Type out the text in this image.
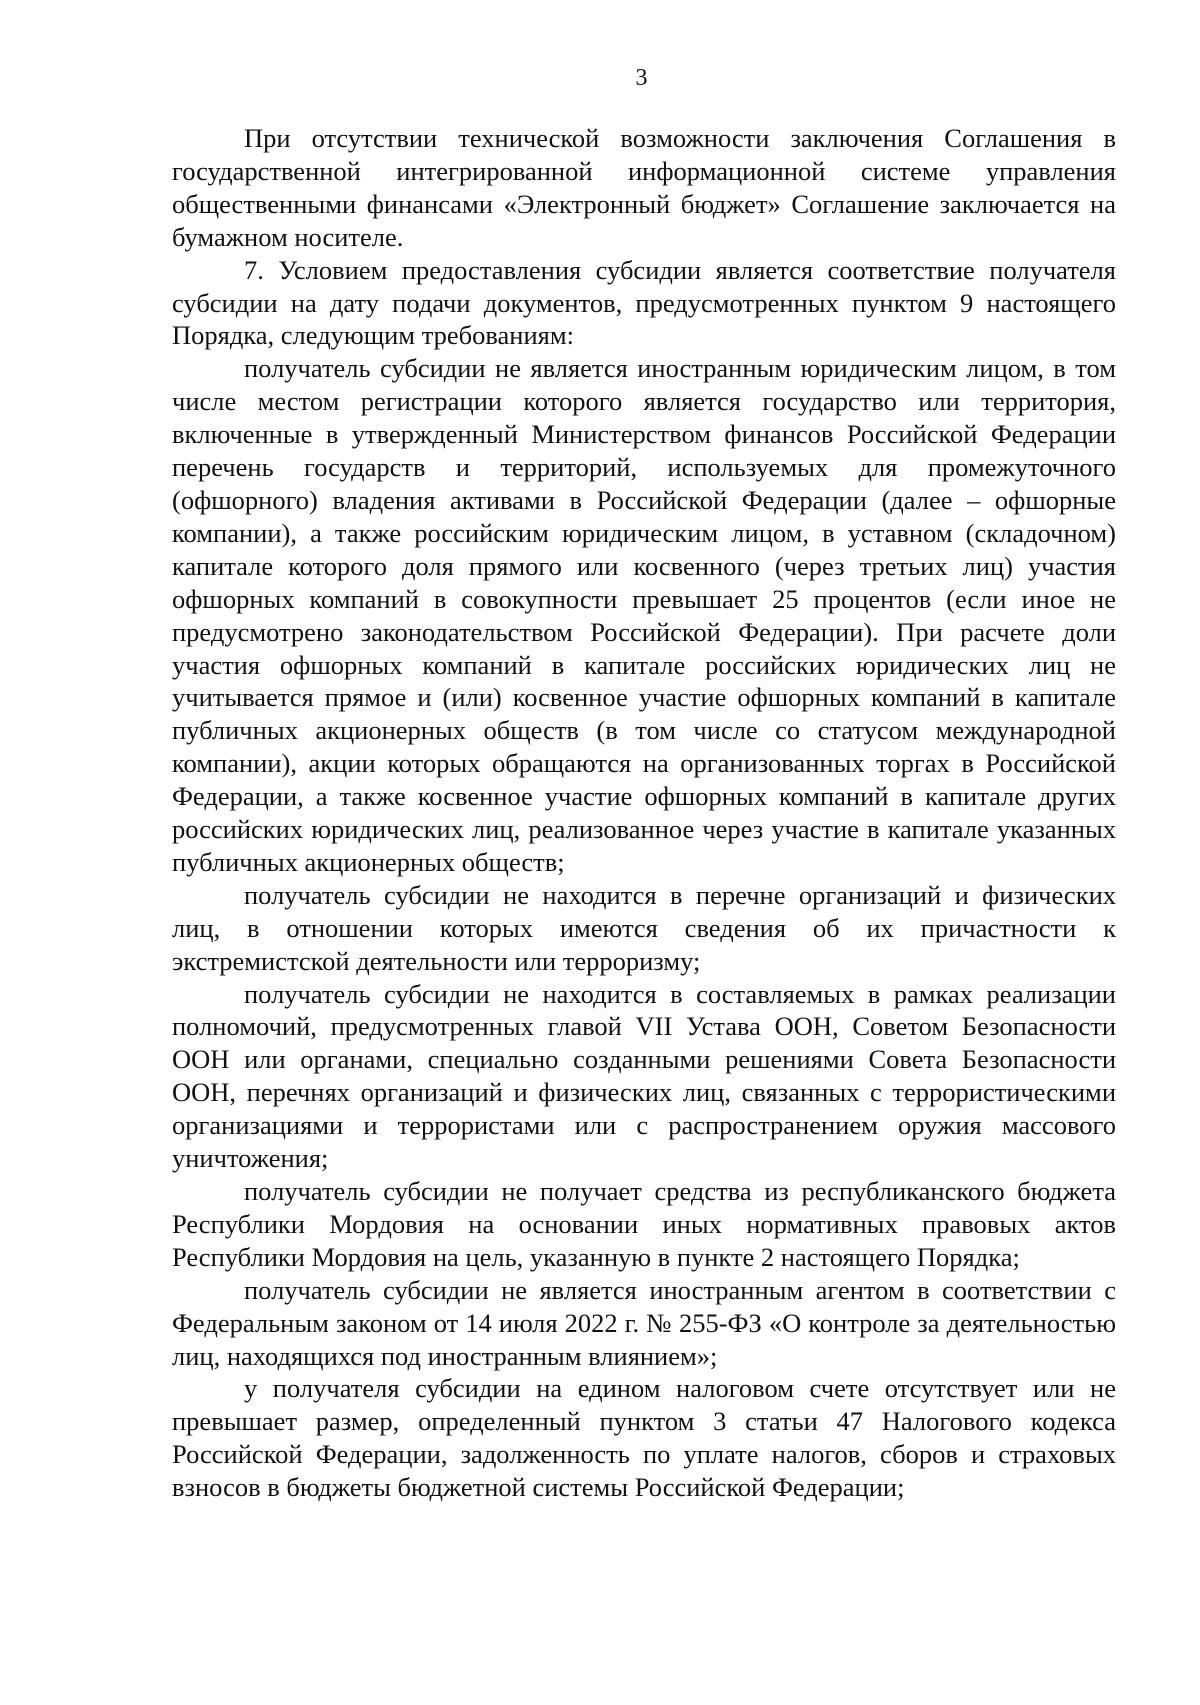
3

При отсутствии технической возможности заключения Соглашения в государственной интегрированной информационной системе управления общественными финансами «Электронный бюджет» Соглашение заключается на бумажном носителе.

7. Условием предоставления субсидии является соответствие получателя субсидии на дату подачи документов, предусмотренных пунктом 9 настоящего Порядка, следующим требованиям:

получатель субсидии не является иностранным юридическим лицом, в том числе местом регистрации которого является государство или территория, включенные в утвержденный Министерством финансов Российской Федерации перечень государств и территорий, используемых для промежуточного (офшорного) владения активами в Российской Федерации (далее – офшорные компании), а также российским юридическим лицом, в уставном (складочном) капитале которого доля прямого или косвенного (через третьих лиц) участия офшорных компаний в совокупности превышает 25 процентов (если иное не предусмотрено законодательством Российской Федерации). При расчете доли участия офшорных компаний в капитале российских юридических лиц не учитывается прямое и (или) косвенное участие офшорных компаний в капитале публичных акционерных обществ (в том числе со статусом международной компании), акции которых обращаются на организованных торгах в Российской Федерации, а также косвенное участие офшорных компаний в капитале других российских юридических лиц, реализованное через участие в капитале указанных публичных акционерных обществ;

получатель субсидии не находится в перечне организаций и физических лиц, в отношении которых имеются сведения об их причастности к экстремистской деятельности или терроризму;

получатель субсидии не находится в составляемых в рамках реализации полномочий, предусмотренных главой VII Устава ООН, Советом Безопасности ООН или органами, специально созданными решениями Совета Безопасности ООН, перечнях организаций и физических лиц, связанных с террористическими организациями и террористами или с распространением оружия массового уничтожения;

получатель субсидии не получает средства из республиканского бюджета Республики Мордовия на основании иных нормативных правовых актов Республики Мордовия на цель, указанную в пункте 2 настоящего Порядка;

получатель субсидии не является иностранным агентом в соответствии с Федеральным законом от 14 июля 2022 г. № 255-ФЗ «О контроле за деятельностью лиц, находящихся под иностранным влиянием»;

у получателя субсидии на едином налоговом счете отсутствует или не превышает размер, определенный пунктом 3 статьи 47 Налогового кодекса Российской Федерации, задолженность по уплате налогов, сборов и страховых взносов в бюджеты бюджетной системы Российской Федерации;
